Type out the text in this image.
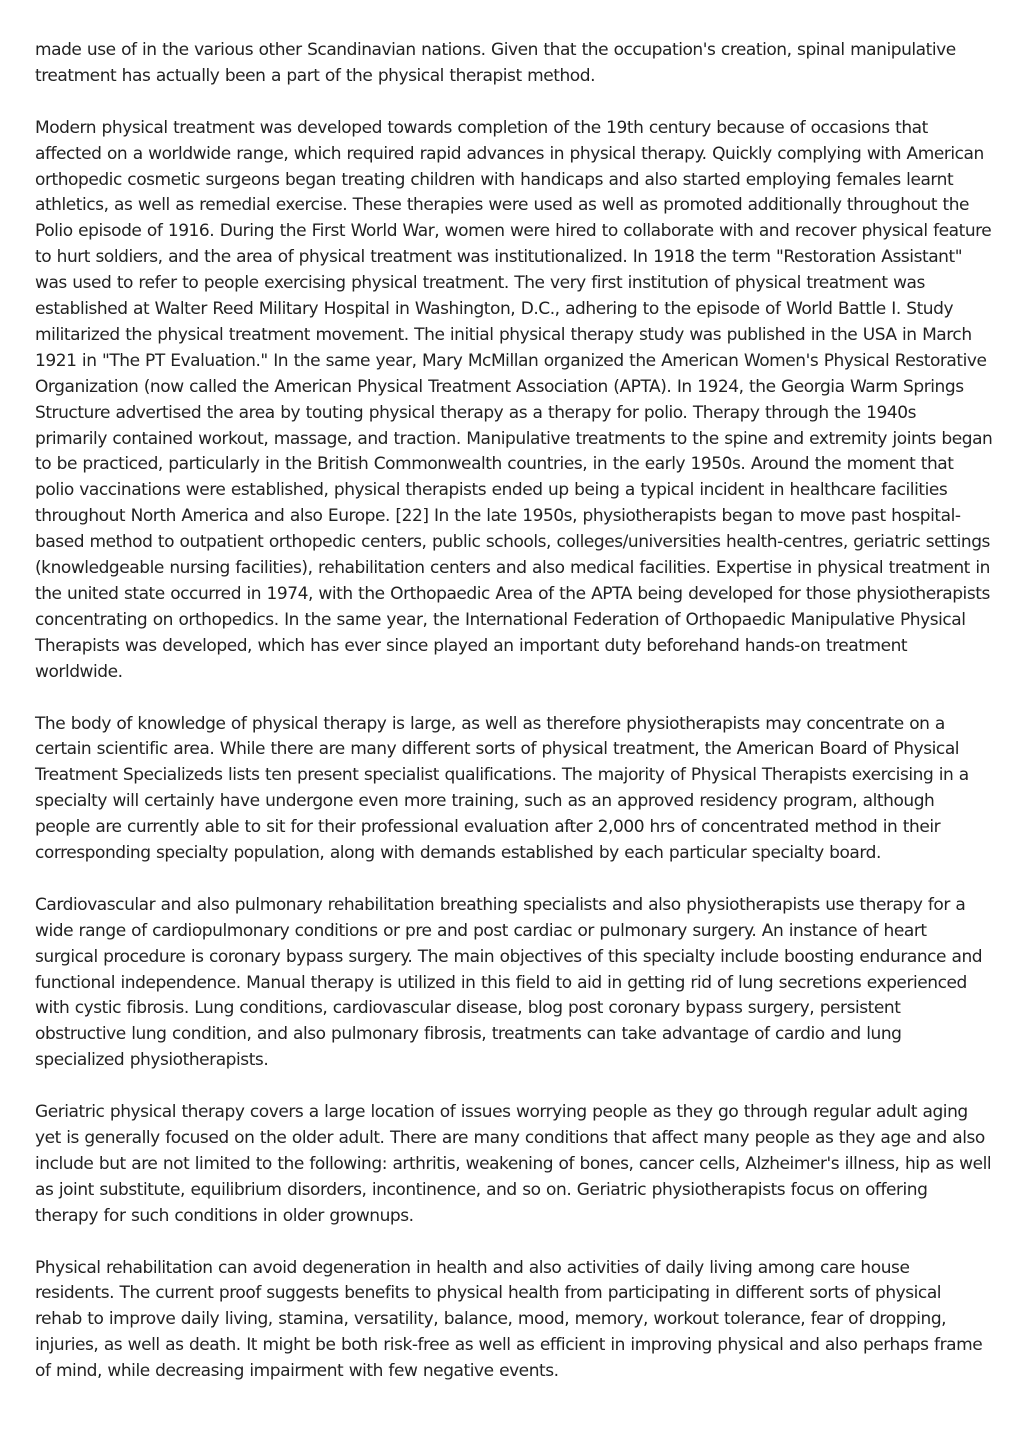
made use of in the various other Scandinavian nations. Given that the occupation's creation, spinal manipulative treatment has actually been a part of the physical therapist method.

Modern physical treatment was developed towards completion of the 19th century because of occasions that affected on a worldwide range, which required rapid advances in physical therapy. Quickly complying with American orthopedic cosmetic surgeons began treating children with handicaps and also started employing females learnt athletics, as well as remedial exercise. These therapies were used as well as promoted additionally throughout the Polio episode of 1916. During the First World War, women were hired to collaborate with and recover physical feature to hurt soldiers, and the area of physical treatment was institutionalized. In 1918 the term "Restoration Assistant" was used to refer to people exercising physical treatment. The very first institution of physical treatment was established at Walter Reed Military Hospital in Washington, D.C., adhering to the episode of World Battle I. Study militarized the physical treatment movement. The initial physical therapy study was published in the USA in March 1921 in "The PT Evaluation." In the same year, Mary McMillan organized the American Women's Physical Restorative Organization (now called the American Physical Treatment Association (APTA). In 1924, the Georgia Warm Springs Structure advertised the area by touting physical therapy as a therapy for polio. Therapy through the 1940s primarily contained workout, massage, and traction. Manipulative treatments to the spine and extremity joints began to be practiced, particularly in the British Commonwealth countries, in the early 1950s. Around the moment that polio vaccinations were established, physical therapists ended up being a typical incident in healthcare facilities throughout North America and also Europe. [22] In the late 1950s, physiotherapists began to move past hospital-based method to outpatient orthopedic centers, public schools, colleges/universities health-centres, geriatric settings (knowledgeable nursing facilities), rehabilitation centers and also medical facilities. Expertise in physical treatment in the united state occurred in 1974, with the Orthopaedic Area of the APTA being developed for those physiotherapists concentrating on orthopedics. In the same year, the International Federation of Orthopaedic Manipulative Physical Therapists was developed, which has ever since played an important duty beforehand hands-on treatment worldwide.

The body of knowledge of physical therapy is large, as well as therefore physiotherapists may concentrate on a certain scientific area. While there are many different sorts of physical treatment, the American Board of Physical Treatment Specializeds lists ten present specialist qualifications. The majority of Physical Therapists exercising in a specialty will certainly have undergone even more training, such as an approved residency program, although people are currently able to sit for their professional evaluation after 2,000 hrs of concentrated method in their corresponding specialty population, along with demands established by each particular specialty board.

Cardiovascular and also pulmonary rehabilitation breathing specialists and also physiotherapists use therapy for a wide range of cardiopulmonary conditions or pre and post cardiac or pulmonary surgery. An instance of heart surgical procedure is coronary bypass surgery. The main objectives of this specialty include boosting endurance and functional independence. Manual therapy is utilized in this field to aid in getting rid of lung secretions experienced with cystic fibrosis. Lung conditions, cardiovascular disease, blog post coronary bypass surgery, persistent obstructive lung condition, and also pulmonary fibrosis, treatments can take advantage of cardio and lung specialized physiotherapists.

Geriatric physical therapy covers a large location of issues worrying people as they go through regular adult aging yet is generally focused on the older adult. There are many conditions that affect many people as they age and also include but are not limited to the following: arthritis, weakening of bones, cancer cells, Alzheimer's illness, hip as well as joint substitute, equilibrium disorders, incontinence, and so on. Geriatric physiotherapists focus on offering therapy for such conditions in older grownups.

Physical rehabilitation can avoid degeneration in health and also activities of daily living among care house residents. The current proof suggests benefits to physical health from participating in different sorts of physical rehab to improve daily living, stamina, versatility, balance, mood, memory, workout tolerance, fear of dropping, injuries, as well as death. It might be both risk-free as well as efficient in improving physical and also perhaps frame of mind, while decreasing impairment with few negative events.
